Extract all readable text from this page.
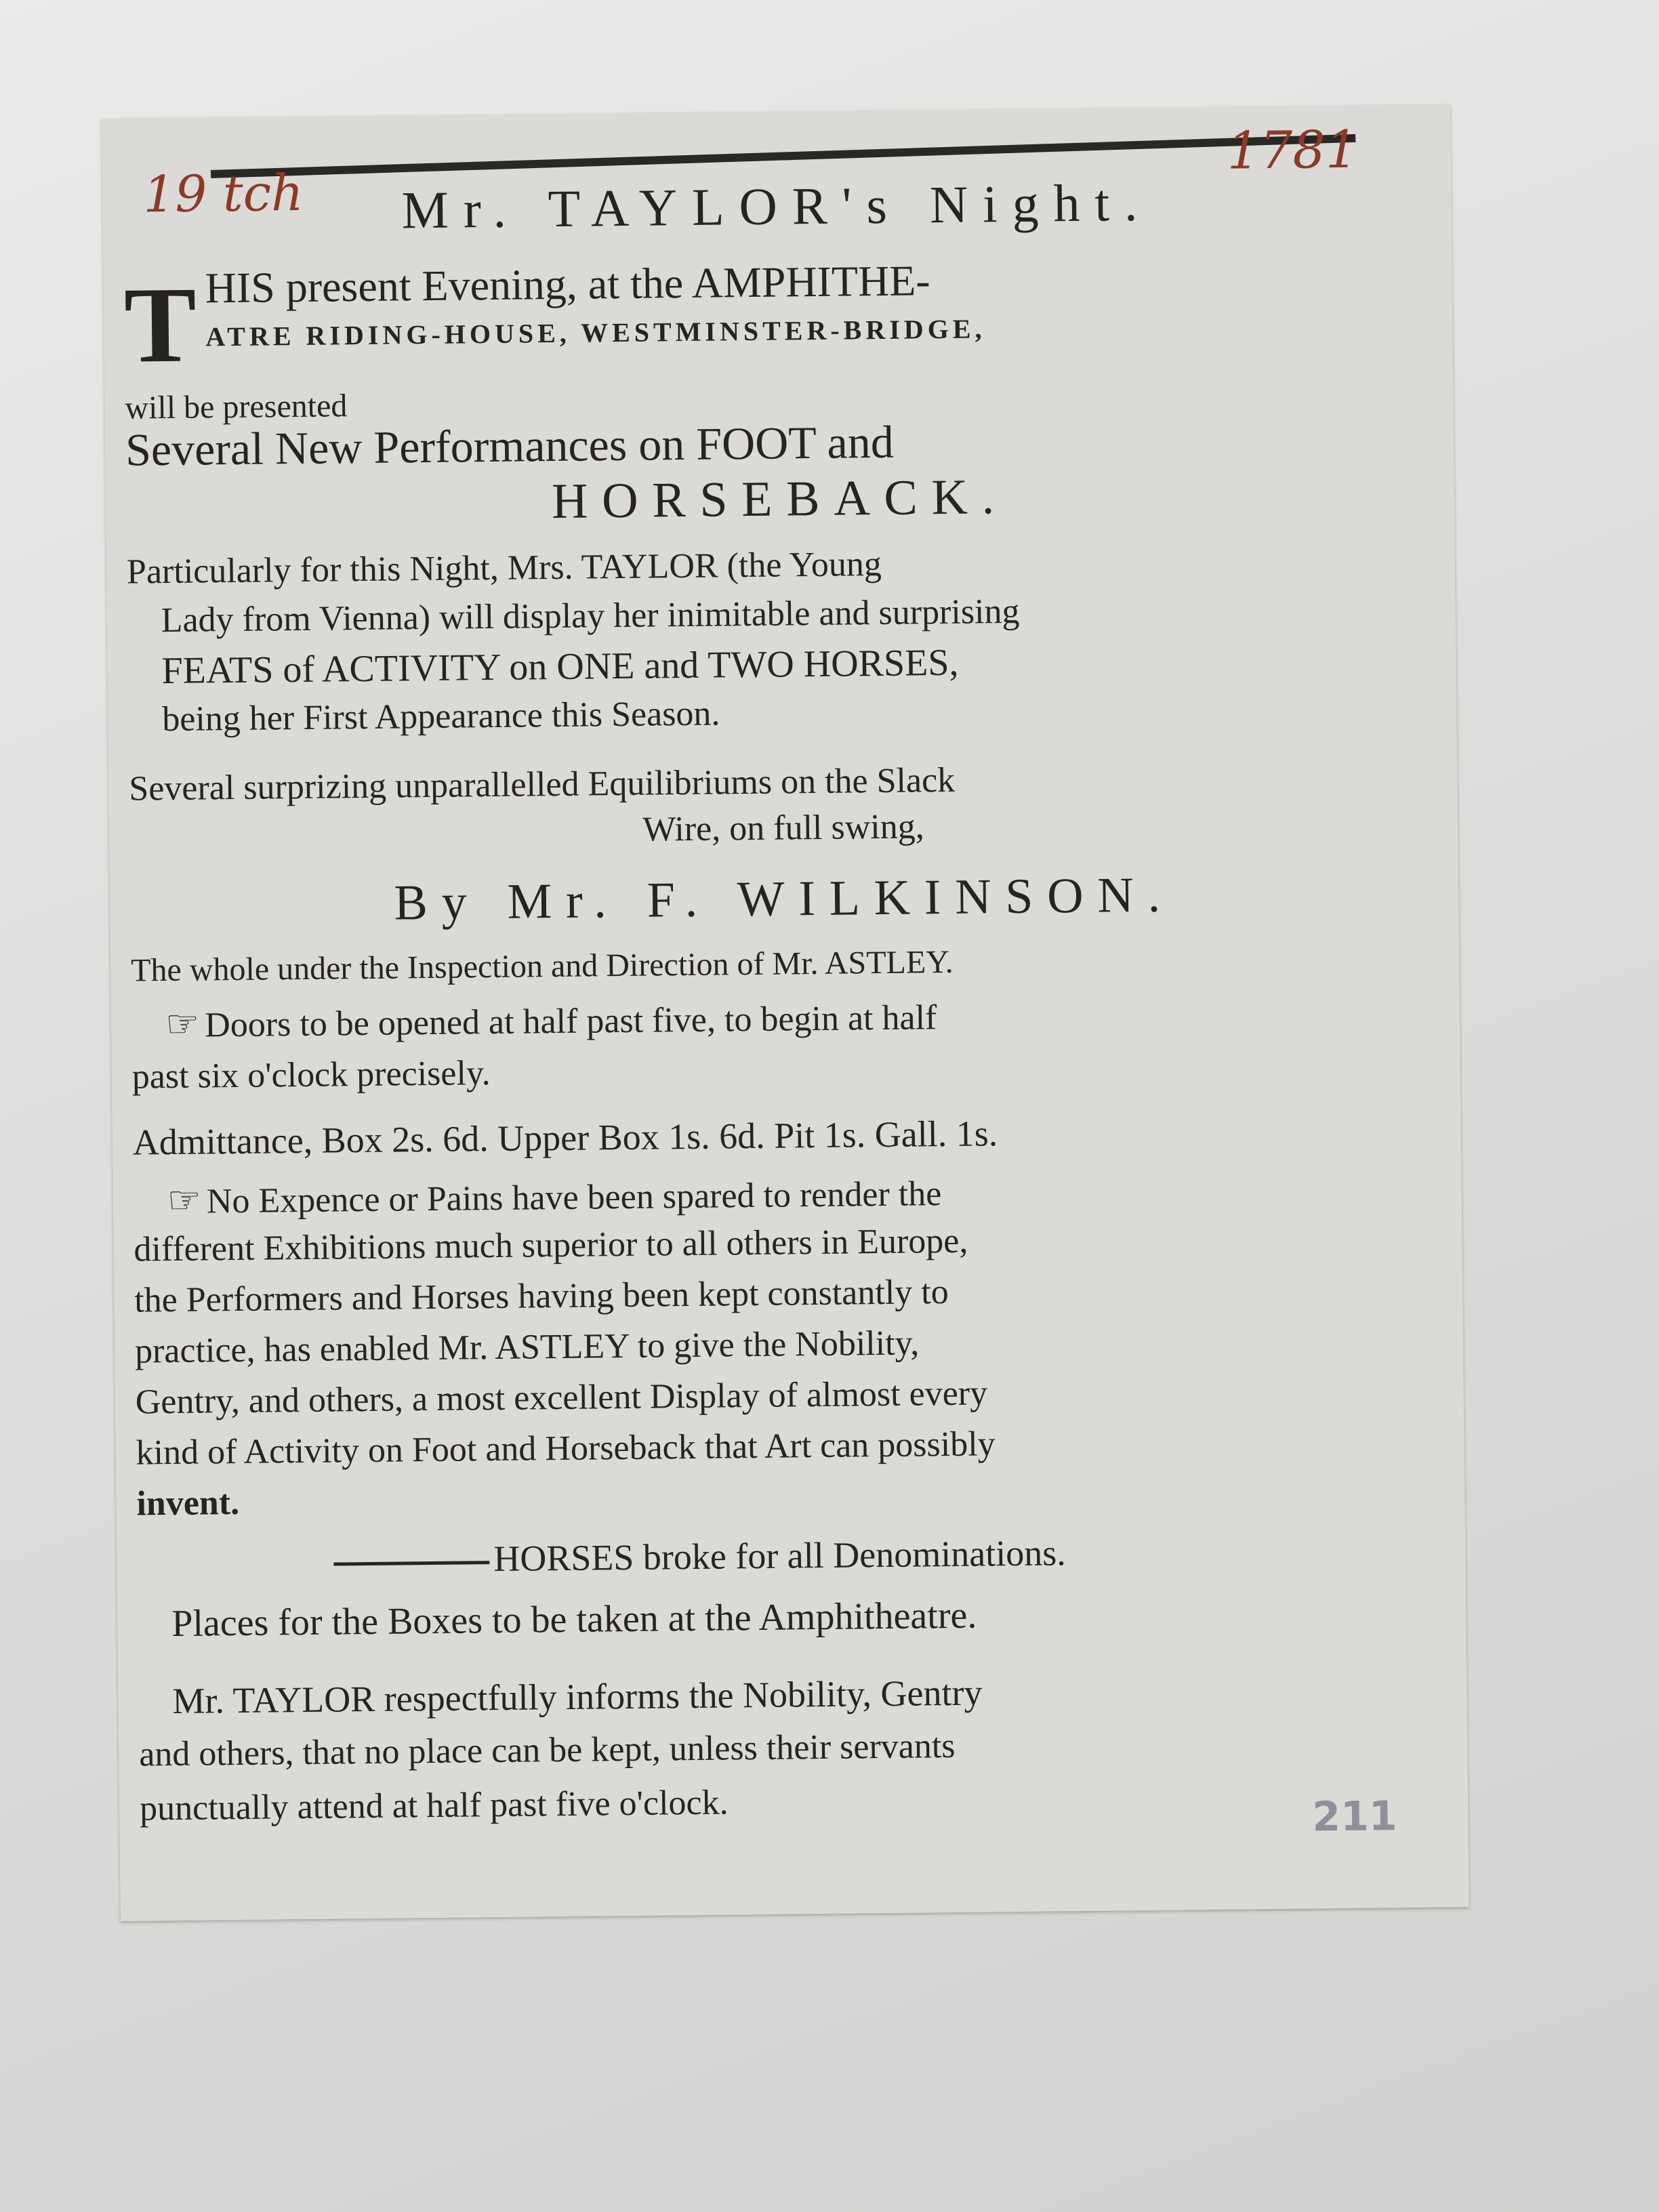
19 tch
1781
Mr. TAYLOR's Night.
T HIS present Evening, at the AMPHITHE-
ATRE RIDING-HOUSE, WESTMINSTER-BRIDGE,
will be presented
Several New Performances on FOOT and
HORSEBACK.
Particularly for this Night, Mrs. TAYLOR (the Young
Lady from Vienna) will display her inimitable and surprising
FEATS of ACTIVITY on ONE and TWO HORSES,
being her First Appearance this Season.
Several surprizing unparallelled Equilibriums on the Slack
Wire, on full swing,
By Mr. F. WILKINSON.
The whole under the Inspection and Direction of Mr. ASTLEY.
☞ Doors to be opened at half past five, to begin at half
past six o'clock precisely.
Admittance, Box 2s. 6d. Upper Box 1s. 6d. Pit 1s. Gall. 1s.
☞ No Expence or Pains have been spared to render the
different Exhibitions much superior to all others in Europe,
the Performers and Horses having been kept constantly to
practice, has enabled Mr. ASTLEY to give the Nobility,
Gentry, and others, a most excellent Display of almost every
kind of Activity on Foot and Horseback that Art can possibly
invent.
HORSES broke for all Denominations.
Places for the Boxes to be taken at the Amphitheatre.
Mr. TAYLOR respectfully informs the Nobility, Gentry
and others, that no place can be kept, unless their servants
punctually attend at half past five o'clock.	211
